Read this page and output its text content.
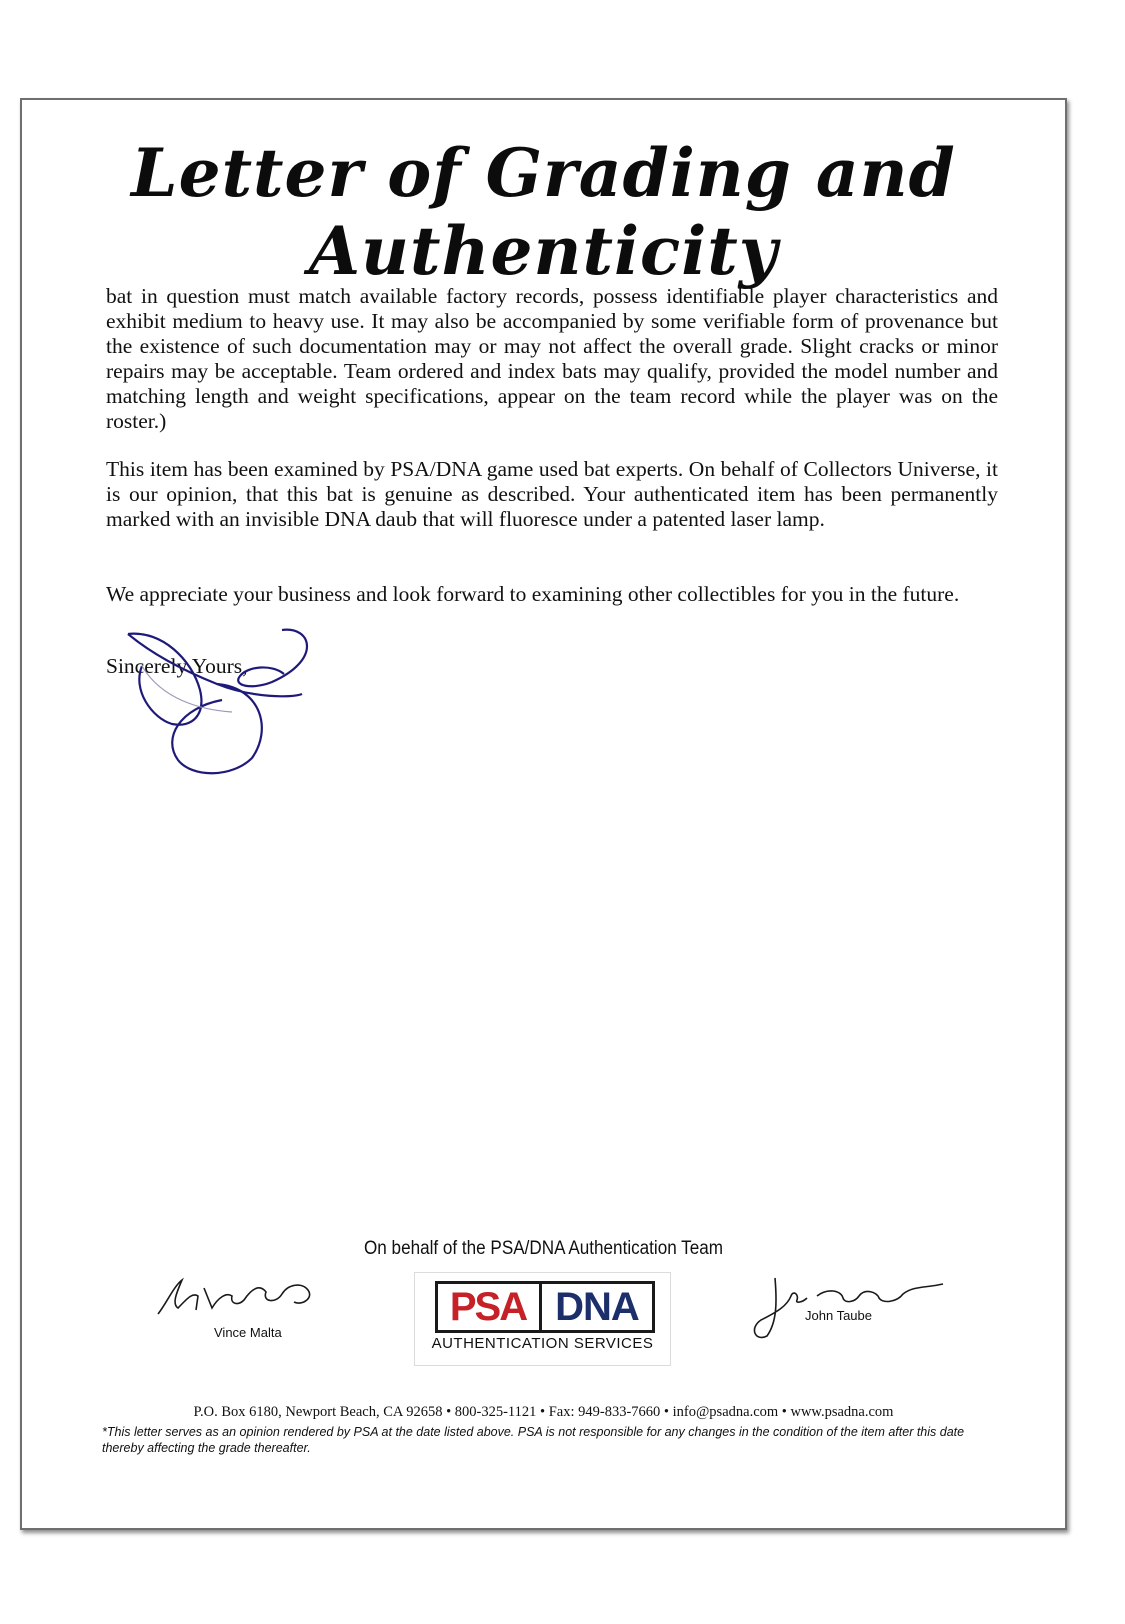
Letter of Grading and
Authenticity

bat in question must match available factory records, possess identifiable player characteristics and exhibit medium to heavy use. It may also be accompanied by some verifiable form of provenance but the existence of such documentation may or may not affect the overall grade. Slight cracks or minor repairs may be acceptable. Team ordered and index bats may qualify, provided the model number and matching length and weight specifications, appear on the team record while the player was on the roster.)

This item has been examined by PSA/DNA game used bat experts. On behalf of Collectors Universe, it is our opinion, that this bat is genuine as described. Your authenticated item has been permanently marked with an invisible DNA daub that will fluoresce under a patented laser lamp.

We appreciate your business and look forward to examining other collectibles for you in the future.

Sincerely Yours,
On behalf of the PSA/DNA Authentication Team
Vince Malta
PSA DNA
AUTHENTICATION SERVICES
John Taube
P.O. Box 6180, Newport Beach, CA 92658 • 800-325-1121 • Fax: 949-833-7660 • info@psadna.com • www.psadna.com
*This letter serves as an opinion rendered by PSA at the date listed above. PSA is not responsible for any changes in the condition of the item after this date thereby affecting the grade thereafter.
